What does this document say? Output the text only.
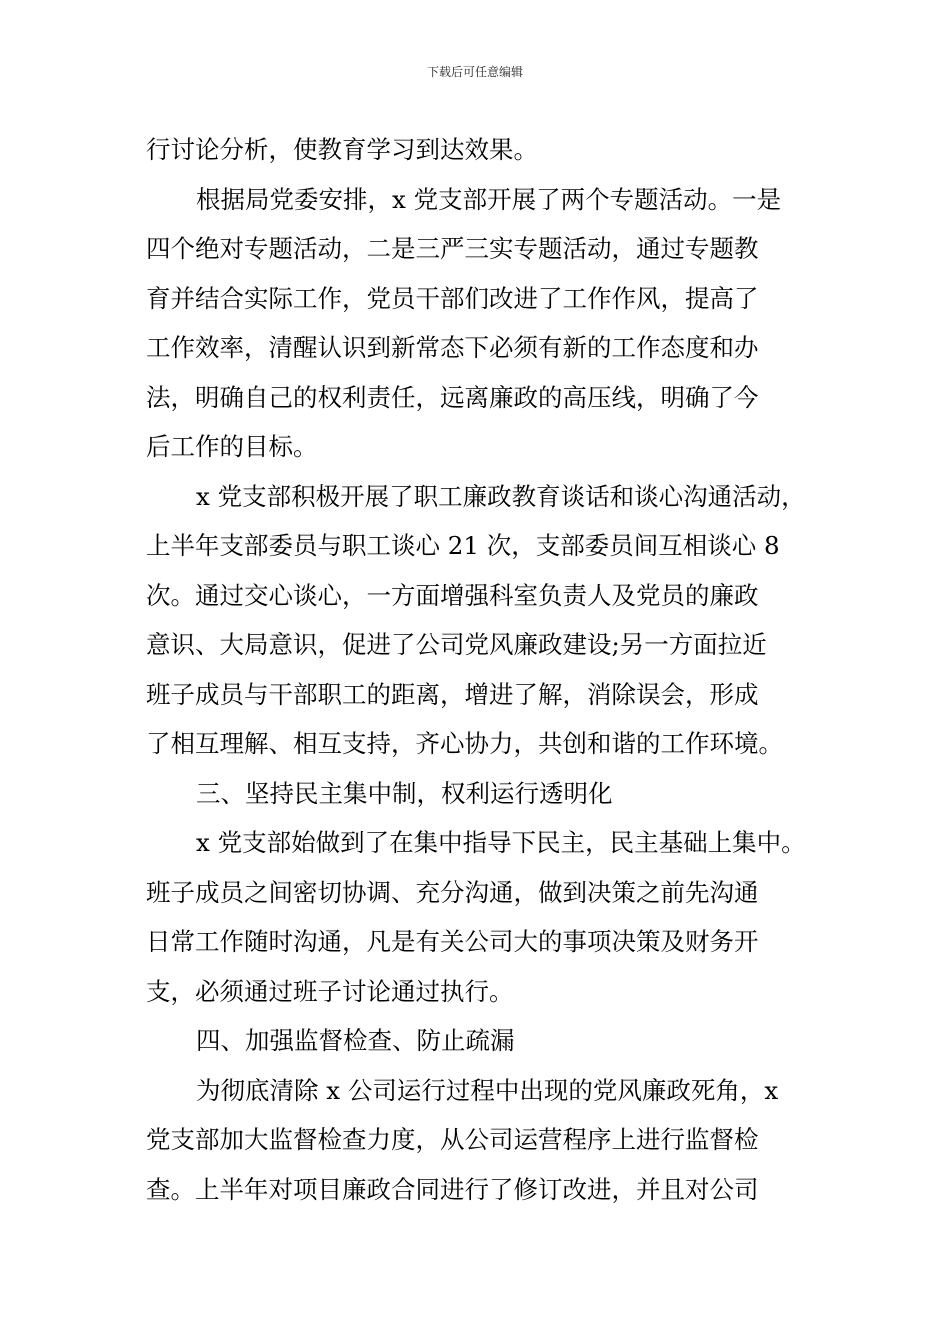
下载后可任意编辑
行讨论分析，使教育学习到达效果。
根据局党委安排，x 党支部开展了两个专题活动。一是
四个绝对专题活动，二是三严三实专题活动，通过专题教
育并结合实际工作，党员干部们改进了工作作风，提高了
工作效率，清醒认识到新常态下必须有新的工作态度和办
法，明确自己的权利责任，远离廉政的高压线，明确了今
后工作的目标。
x 党支部积极开展了职工廉政教育谈话和谈心沟通活动，
上半年支部委员与职工谈心 21 次，支部委员间互相谈心 8
次。通过交心谈心，一方面增强科室负责人及党员的廉政
意识、大局意识，促进了公司党风廉政建设;另一方面拉近
班子成员与干部职工的距离，增进了解，消除误会，形成
了相互理解、相互支持，齐心协力，共创和谐的工作环境。
三、坚持民主集中制，权利运行透明化
x 党支部始做到了在集中指导下民主，民主基础上集中。
班子成员之间密切协调、充分沟通，做到决策之前先沟通
日常工作随时沟通，凡是有关公司大的事项决策及财务开
支，必须通过班子讨论通过执行。
四、加强监督检查、防止疏漏
为彻底清除 x 公司运行过程中出现的党风廉政死角，x
党支部加大监督检查力度，从公司运营程序上进行监督检
查。上半年对项目廉政合同进行了修订改进，并且对公司
